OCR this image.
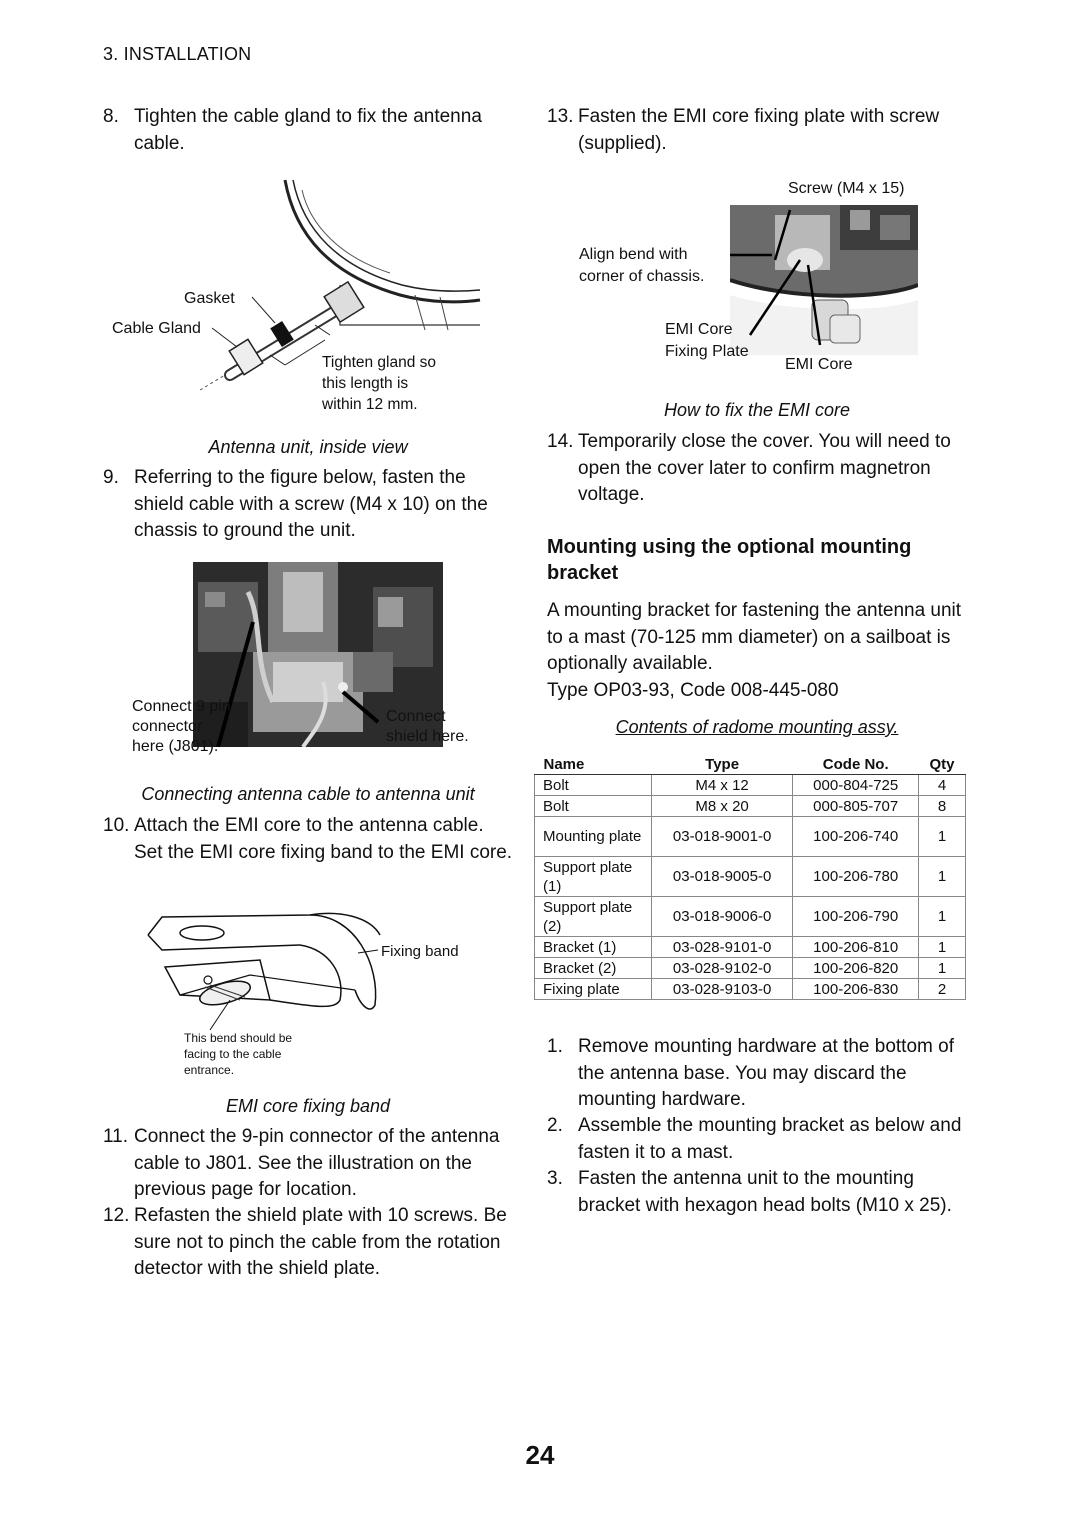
3. INSTALLATION
8. Tighten the cable gland to fix the antenna cable.
Gasket
Cable Gland
Tighten gland so
this length is
within 12 mm.
Antenna unit, inside view
9. Referring to the figure below, fasten the shield cable with a screw (M4 x 10) on the chassis to ground the unit.
Connect 9 pin
connector
here (J801).
Connect
shield here.
Connecting antenna cable to antenna unit
10. Attach the EMI core to the antenna cable. Set the EMI core fixing band to the EMI core.
Fixing band
This bend should be
facing to the cable
entrance.
EMI core fixing band
11. Connect the 9-pin connector of the antenna cable to J801. See the illustration on the previous page for location.
12. Refasten the shield plate with 10 screws. Be sure not to pinch the cable from the rotation detector with the shield plate.
13. Fasten the EMI core fixing plate with screw (supplied).
Screw (M4 x 15)
Align bend with
corner of chassis.
EMI Core
Fixing Plate
EMI Core
How to fix the EMI core
14. Temporarily close the cover. You will need to open the cover later to confirm magnetron voltage.
Mounting using the optional mounting
bracket
A mounting bracket for fastening the antenna unit to a mast (70-125 mm diameter) on a sailboat is optionally available.
Type OP03-93, Code 008-445-080
Contents of radome mounting assy.
Name	Type	Code No.	Qty
Bolt	M4 x 12	000-804-725	4
Bolt	M8 x 20	000-805-707	8
Mounting plate	03-018-9001-0	100-206-740	1
Support plate (1)	03-018-9005-0	100-206-780	1
Support plate (2)	03-018-9006-0	100-206-790	1
Bracket (1)	03-028-9101-0	100-206-810	1
Bracket (2)	03-028-9102-0	100-206-820	1
Fixing plate	03-028-9103-0	100-206-830	2
1. Remove mounting hardware at the bottom of the antenna base. You may discard the mounting hardware.
2. Assemble the mounting bracket as below and fasten it to a mast.
3. Fasten the antenna unit to the mounting bracket with hexagon head bolts (M10 x 25).
24
